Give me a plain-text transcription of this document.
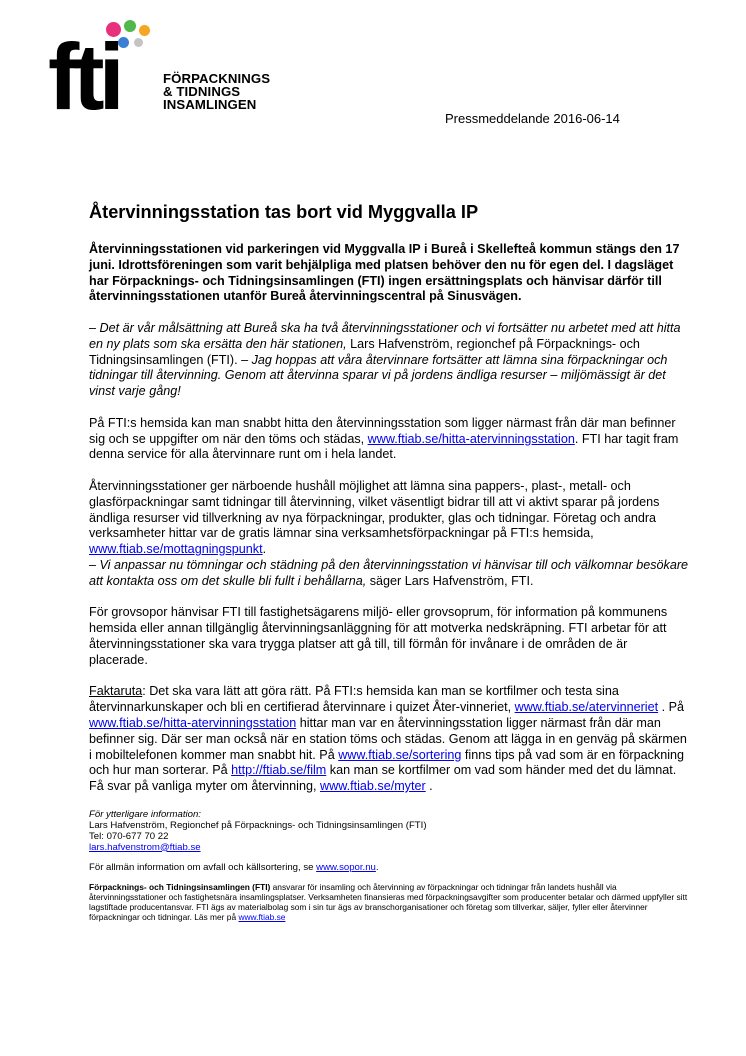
fti	FÖRPACKNINGS
& TIDNINGS
INSAMLINGEN
Pressmeddelande 2016-06-14
Återvinningsstation tas bort vid Myggvalla IP

Återvinningsstationen vid parkeringen vid Myggvalla IP i Bureå i Skellefteå kommun stängs den 17 juni. Idrottsföreningen som varit behjälpliga med platsen behöver den nu för egen del. I dagsläget har Förpacknings- och Tidningsinsamlingen (FTI) ingen ersättningsplats och hänvisar därför till återvinningsstationen utanför Bureå återvinningscentral på Sinusvägen.

– Det är vår målsättning att Bureå ska ha två återvinningsstationer och vi fortsätter nu arbetet med att hitta en ny plats som ska ersätta den här stationen, Lars Hafvenström, regionchef på Förpacknings- och Tidningsinsamlingen (FTI). – Jag hoppas att våra återvinnare fortsätter att lämna sina förpackningar och tidningar till återvinning. Genom att återvinna sparar vi på jordens ändliga resurser – miljömässigt är det vinst varje gång!

På FTI:s hemsida kan man snabbt hitta den återvinningsstation som ligger närmast från där man befinner sig och se uppgifter om när den töms och städas, www.ftiab.se/hitta-atervinningsstation. FTI har tagit fram denna service för alla återvinnare runt om i hela landet.

Återvinningsstationer ger närboende hushåll möjlighet att lämna sina pappers-, plast-, metall- och glasförpackningar samt tidningar till återvinning, vilket väsentligt bidrar till att vi aktivt sparar på jordens ändliga resurser vid tillverkning av nya förpackningar, produkter, glas och tidningar. Företag och andra verksamheter hittar var de gratis lämnar sina verksamhetsförpackningar på FTI:s hemsida, www.ftiab.se/mottagningspunkt.
– Vi anpassar nu tömningar och städning på den återvinningsstation vi hänvisar till och välkomnar besökare att kontakta oss om det skulle bli fullt i behållarna, säger Lars Hafvenström, FTI.

För grovsopor hänvisar FTI till fastighetsägarens miljö- eller grovsoprum, för information på kommunens hemsida eller annan tillgänglig återvinningsanläggning för att motverka nedskräpning. FTI arbetar för att återvinningsstationer ska vara trygga platser att gå till, till förmån för invånare i de områden de är placerade.

Faktaruta: Det ska vara lätt att göra rätt. På FTI:s hemsida kan man se kortfilmer och testa sina återvinnarkunskaper och bli en certifierad återvinnare i quizet Åter-vinneriet, www.ftiab.se/atervinneriet . På www.ftiab.se/hitta-atervinningsstation hittar man var en återvinningsstation ligger närmast från där man befinner sig. Där ser man också när en station töms och städas. Genom att lägga in en genväg på skärmen i mobiltelefonen kommer man snabbt hit. På www.ftiab.se/sortering finns tips på vad som är en förpackning och hur man sorterar. På http://ftiab.se/film kan man se kortfilmer om vad som händer med det du lämnat. Få svar på vanliga myter om återvinning, www.ftiab.se/myter .

För ytterligare information:
Lars Hafvenström, Regionchef på Förpacknings- och Tidningsinsamlingen (FTI)
Tel: 070-677 70 22
lars.hafvenstrom@ftiab.se

För allmän information om avfall och källsortering, se www.sopor.nu.

Förpacknings- och Tidningsinsamlingen (FTI) ansvarar för insamling och återvinning av förpackningar och tidningar från landets hushåll via återvinningsstationer och fastighetsnära insamlingsplatser. Verksamheten finansieras med förpackningsavgifter som producenter betalar och därmed uppfyller sitt lagstiftade producentansvar. FTI ägs av materialbolag som i sin tur ägs av branschorganisationer och företag som tillverkar, säljer, fyller eller återvinner förpackningar och tidningar. Läs mer på www.ftiab.se
